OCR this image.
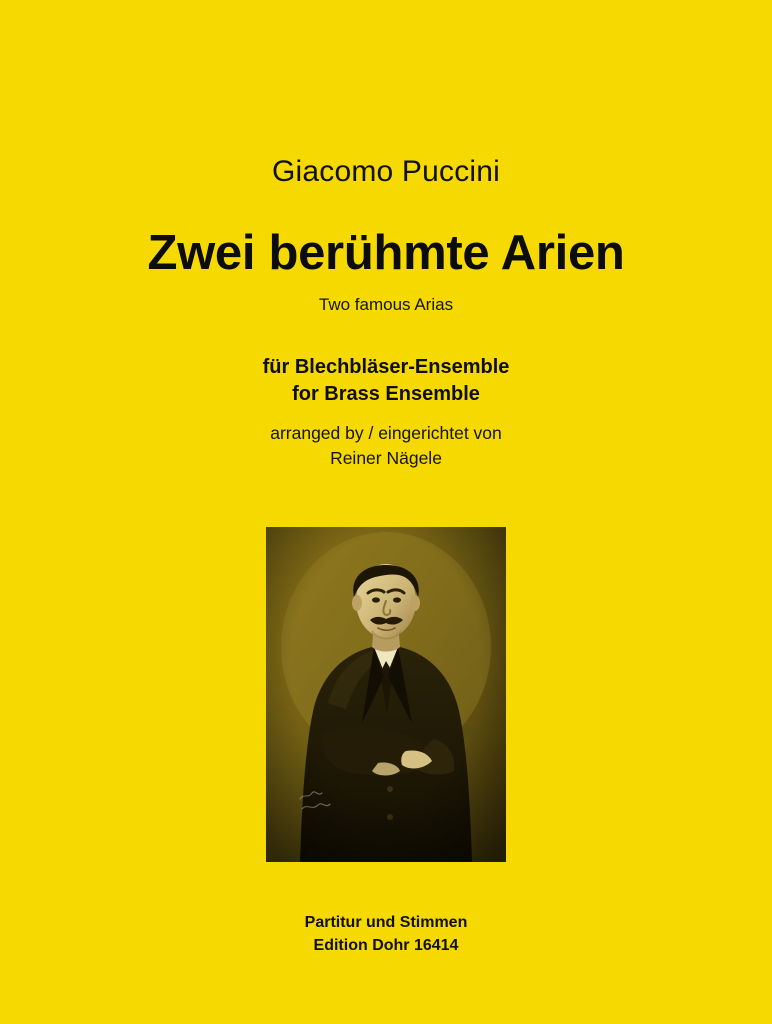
Giacomo Puccini
Zwei berühmte Arien
Two famous Arias
für Blechbläser-Ensemble
for Brass Ensemble
arranged by / eingerichtet von
Reiner Nägele
Partitur und Stimmen
Edition Dohr 16414
